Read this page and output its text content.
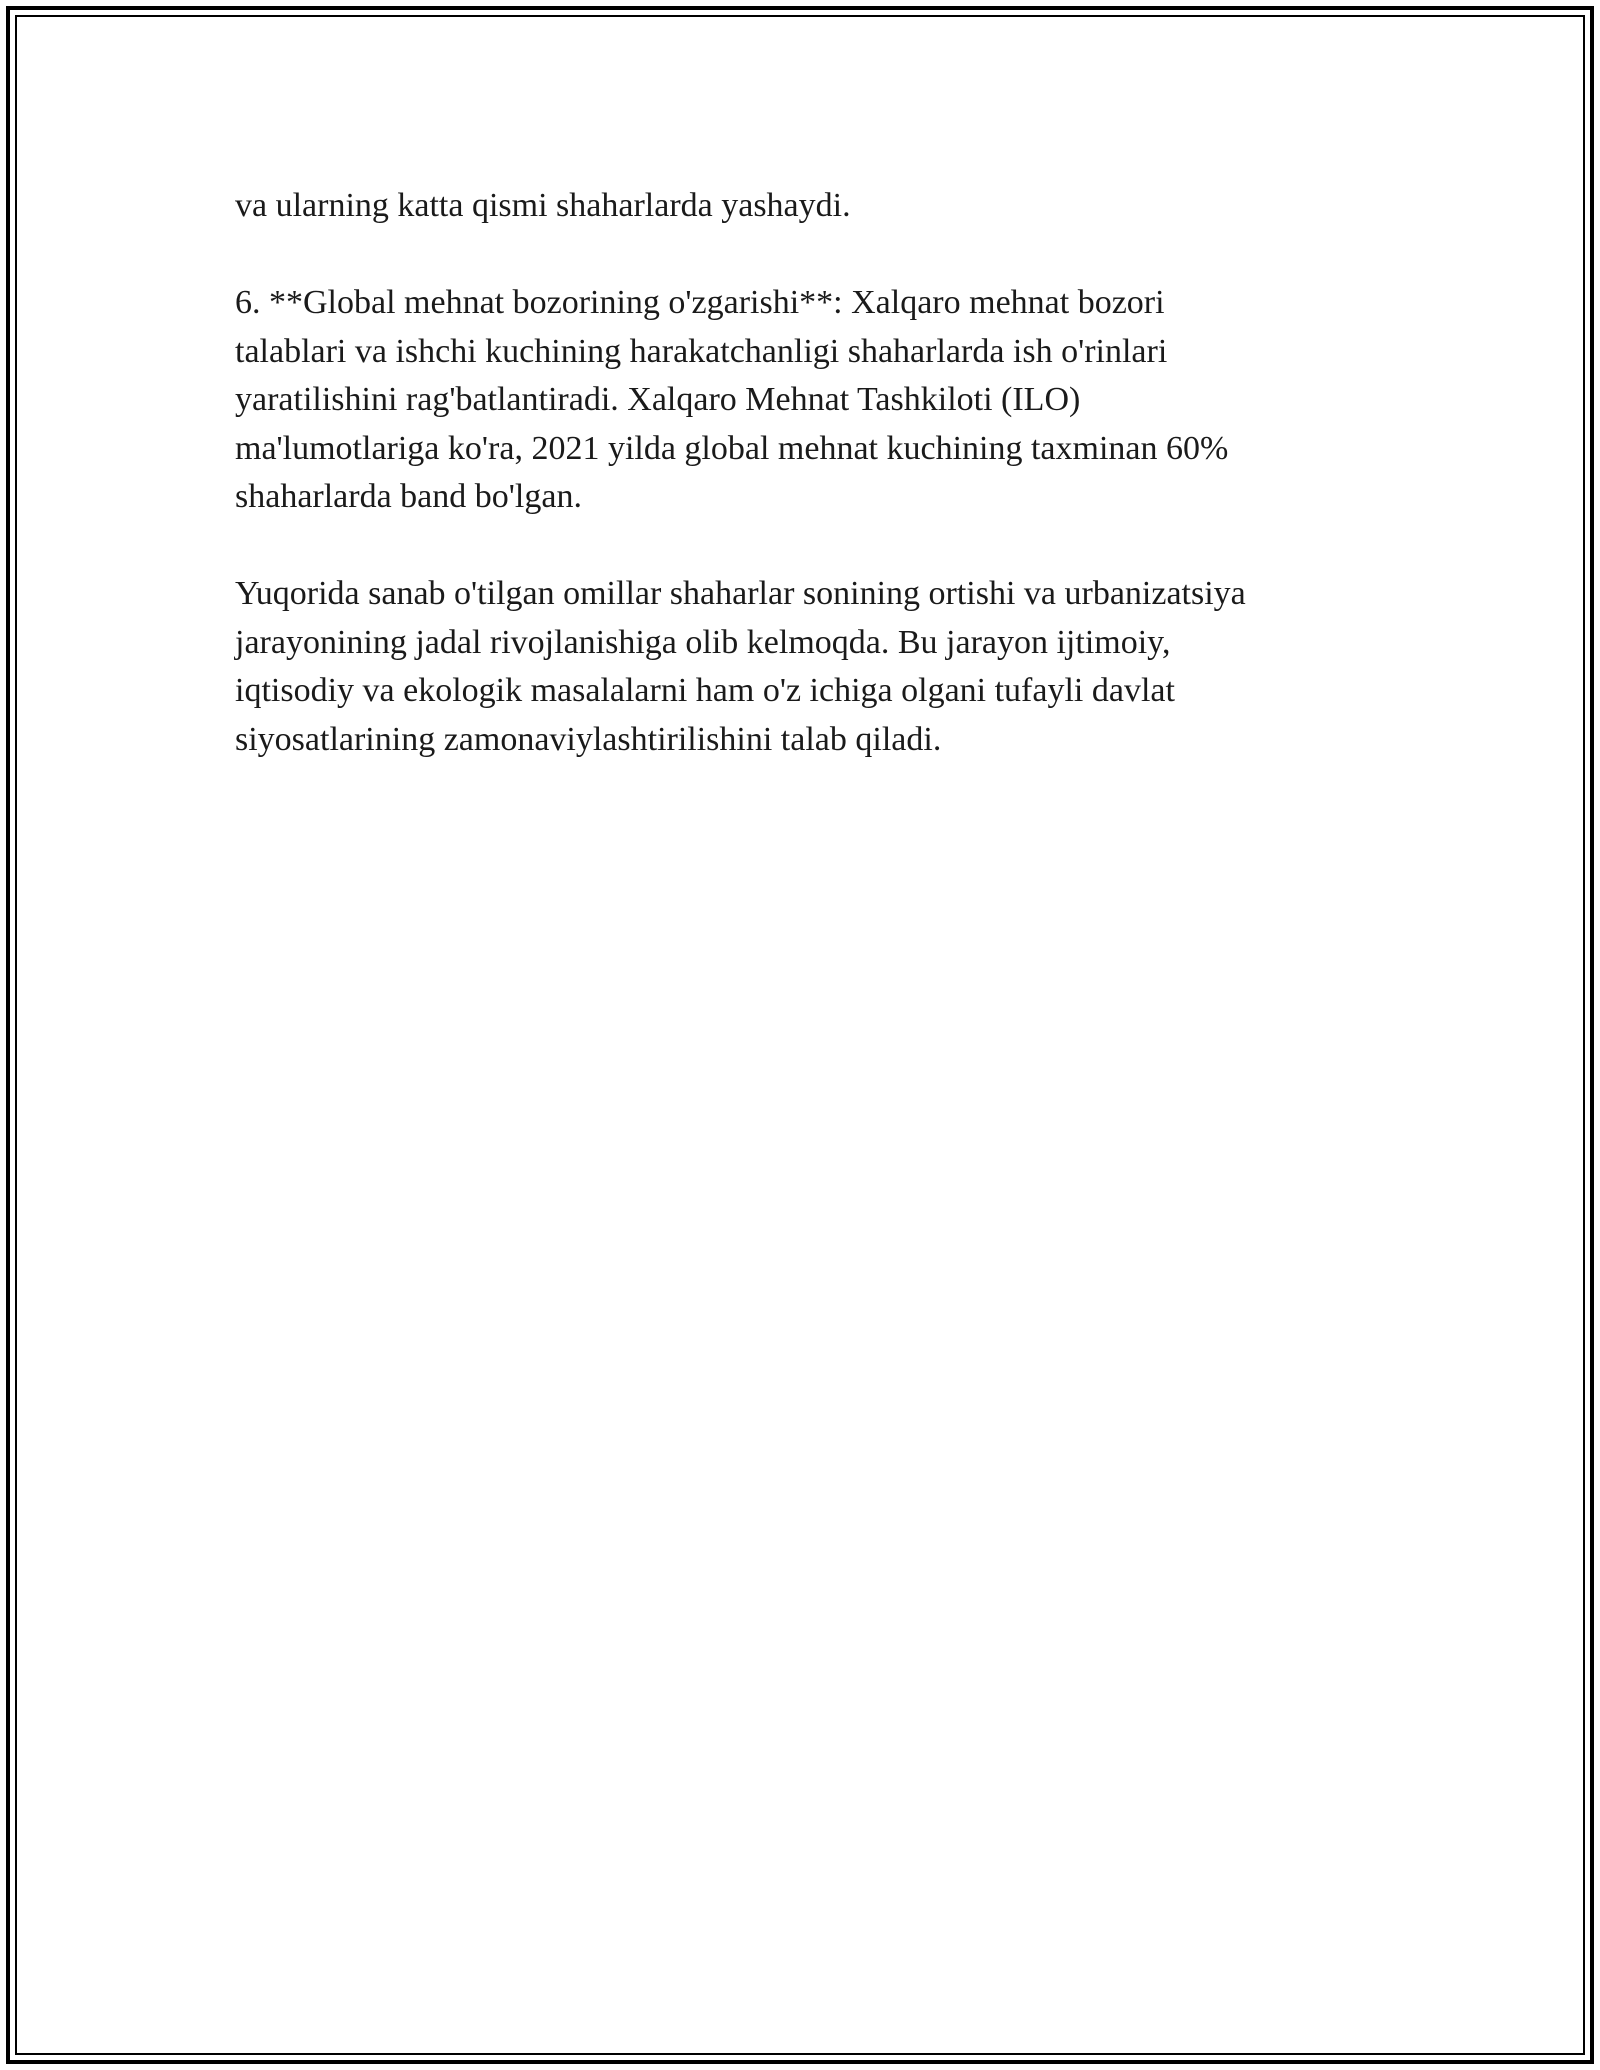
va ularning katta qismi shaharlarda yashaydi.

6. **Global mehnat bozorining o'zgarishi**: Xalqaro mehnat bozori
talablari va ishchi kuchining harakatchanligi shaharlarda ish o'rinlari
yaratilishini rag'batlantiradi. Xalqaro Mehnat Tashkiloti (ILO)
ma'lumotlariga ko'ra, 2021 yilda global mehnat kuchining taxminan 60%
shaharlarda band bo'lgan.

Yuqorida sanab o'tilgan omillar shaharlar sonining ortishi va urbanizatsiya
jarayonining jadal rivojlanishiga olib kelmoqda. Bu jarayon ijtimoiy,
iqtisodiy va ekologik masalalarni ham o'z ichiga olgani tufayli davlat
siyosatlarining zamonaviylashtirilishini talab qiladi.
